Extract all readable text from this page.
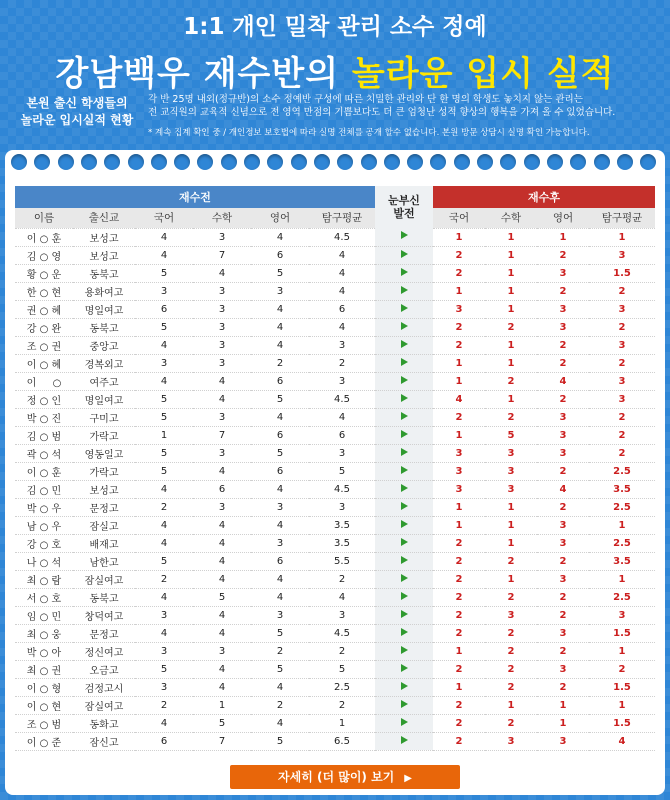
1:1 개인 밀착 관리 소수 정예
강남백우 재수반의 놀라운 입시 실적
본원 출신 학생들의
놀라운 입시실적 현황
각 반 25명 내외(정규반)의 소수 정예반 구성에 따른 치밀한 관리와 단 한 명의 학생도 놓치지 않는 관리는
전 교직원의 교육적 신념으로 전 영역 만점의 기쁨보다도 더 큰 엄청난 성적 향상의 행복을 가져 올 수 있었습니다.
* 계속 집계 확인 중 / 개인정보 보호법에 따라 실명 전체를 공개 할수 없습니다. 본원 방문 상담시 실명 확인 가능합니다.
재수전						눈부신
발전	재수후			
이름	출신교	국어	수학	영어	탐구평균		국어	수학	영어	탐구평균
이 ○ 훈	보성고	4	3	4	4.5		1	1	1	1
김 ○ 영	보성고	4	7	6	4		2	1	2	3
황 ○ 운	동북고	5	4	5	4		2	1	3	1.5
한 ○ 현	용화여고	3	3	3	4		1	1	2	2
권 ○ 혜	명일여고	6	3	4	6		3	1	3	3
강 ○ 완	동북고	5	3	4	4		2	2	3	2
조 ○ 권	중앙고	4	3	4	3		2	1	2	3
이 ○ 혜	경복외고	3	3	2	2		1	1	2	2
이 　 ○	여주고	4	4	6	3		1	2	4	3
정 ○ 인	명일여고	5	4	5	4.5		4	1	2	3
박 ○ 진	구미고	5	3	4	4		2	2	3	2
김 ○ 범	가락고	1	7	6	6		1	5	3	2
곽 ○ 석	영동일고	5	3	5	3		3	3	3	2
이 ○ 훈	가락고	5	4	6	5		3	3	2	2.5
김 ○ 민	보성고	4	6	4	4.5		3	3	4	3.5
박 ○ 우	문정고	2	3	3	3		1	1	2	2.5
남 ○ 우	잠실고	4	4	4	3.5		1	1	3	1
강 ○ 호	배재고	4	4	3	3.5		2	1	3	2.5
나 ○ 석	남한고	5	4	6	5.5		2	2	2	3.5
최 ○ 람	잠실여고	2	4	4	2		2	1	3	1
서 ○ 호	동북고	4	5	4	4		2	2	2	2.5
임 ○ 민	창덕여고	3	4	3	3		2	3	2	3
최 ○ 웅	문정고	4	4	5	4.5		2	2	3	1.5
박 ○ 아	정신여고	3	3	2	2		1	2	2	1
최 ○ 권	오금고	5	4	5	5		2	2	3	2
이 ○ 형	검정고시	3	4	4	2.5		1	2	2	1.5
이 ○ 현	잠실여고	2	1	2	2		2	1	1	1
조 ○ 범	동화고	4	5	4	1		2	2	1	1.5
이 ○ 준	잠신고	6	7	5	6.5		2	3	3	4
자세히 (더 많이) 보기 ▶
